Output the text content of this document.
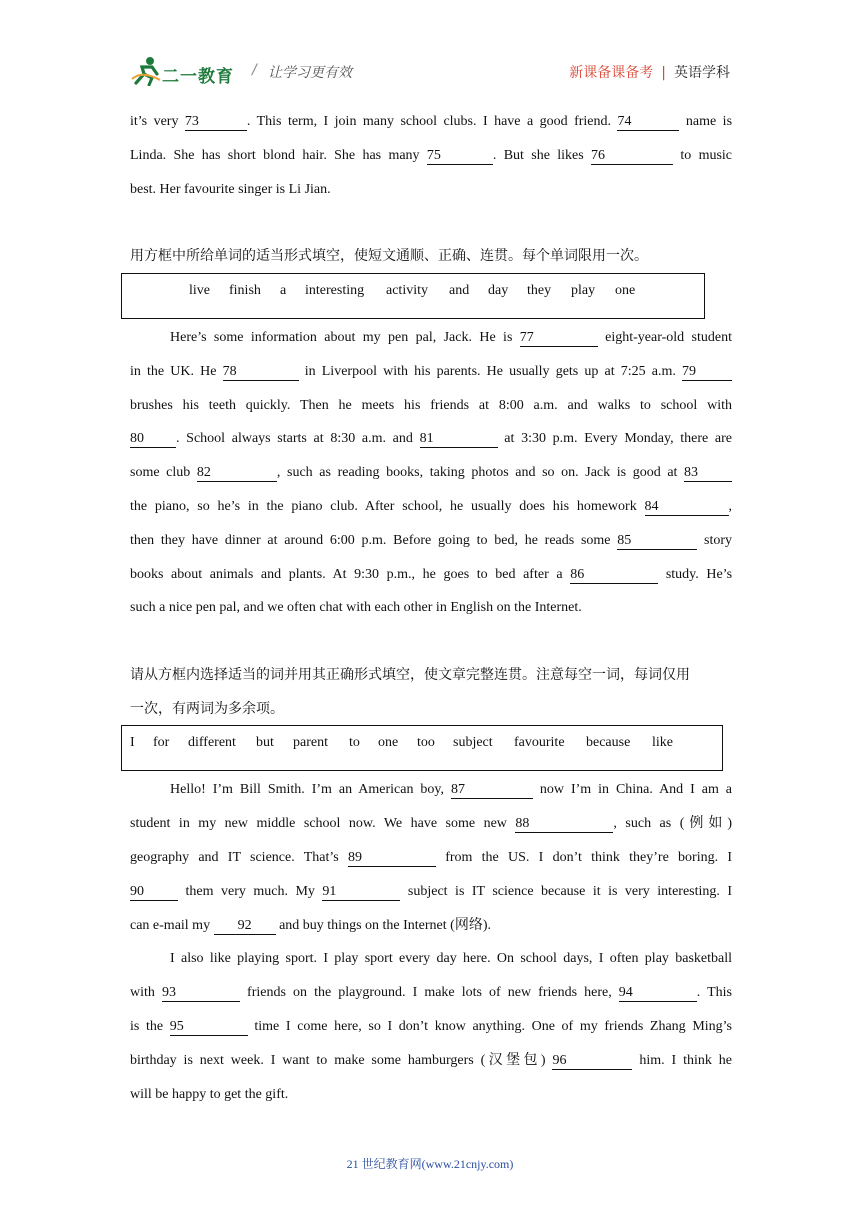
二一教育 / 让学习更有效	新课备课备考 | 英语学科
it’s very 73	. This term, I join many school clubs. I have a good friend. 74	name is
Linda. She has short blond hair. She has many 75	. But she likes 76	to music
best. Her favourite singer is Li Jian.
用方框中所给单词的适当形式填空，使短文通顺、正确、连贯。每个单词限用一次。
live finish a interesting activity and day they play one
Here’s some information about my pen pal, Jack. He is 77	eight-year-old student
in the UK. He 78	in Liverpool with his parents. He usually gets up at 7:25 a.m. 79
brushes his teeth quickly. Then he meets his friends at 8:00 a.m. and walks to school with
80 . School always starts at 8:30 a.m. and 81	at 3:30 p.m. Every Monday, there are
some club 82	, such as reading books, taking photos and so on. Jack is good at 83
the piano, so he’s in the piano club. After school, he usually does his homework 84	,
then they have dinner at around 6:00 p.m. Before going to bed, he reads some 85	story
books about animals and plants. At 9:30 p.m., he goes to bed after a 86	study. He’s
such a nice pen pal, and we often chat with each other in English on the Internet.
请从方框内选择适当的词并用其正确形式填空，使文章完整连贯。注意每空一词，每词仅用
一次，有两词为多余项。
I for different but parent to one too subject favourite because like
Hello! I’m Bill Smith. I’m an American boy, 87	now I’m in China. And I am a
student in my new middle school now. We have some new 88	, such as (例如)
geography and IT science. That’s 89	from the US. I don’t think they’re boring. I
90	them very much. My 91	subject is IT science because it is very interesting. I
can e-mail my 92 and buy things on the Internet (网络).
I also like playing sport. I play sport every day here. On school days, I often play basketball
with 93	friends on the playground. I make lots of new friends here, 94	. This
is the 95	time I come here, so I don’t know anything. One of my friends Zhang Ming’s
birthday is next week. I want to make some hamburgers (汉堡包) 96	him. I think he
will be happy to get the gift.
21 世纪教育网(www.21cnjy.com)
